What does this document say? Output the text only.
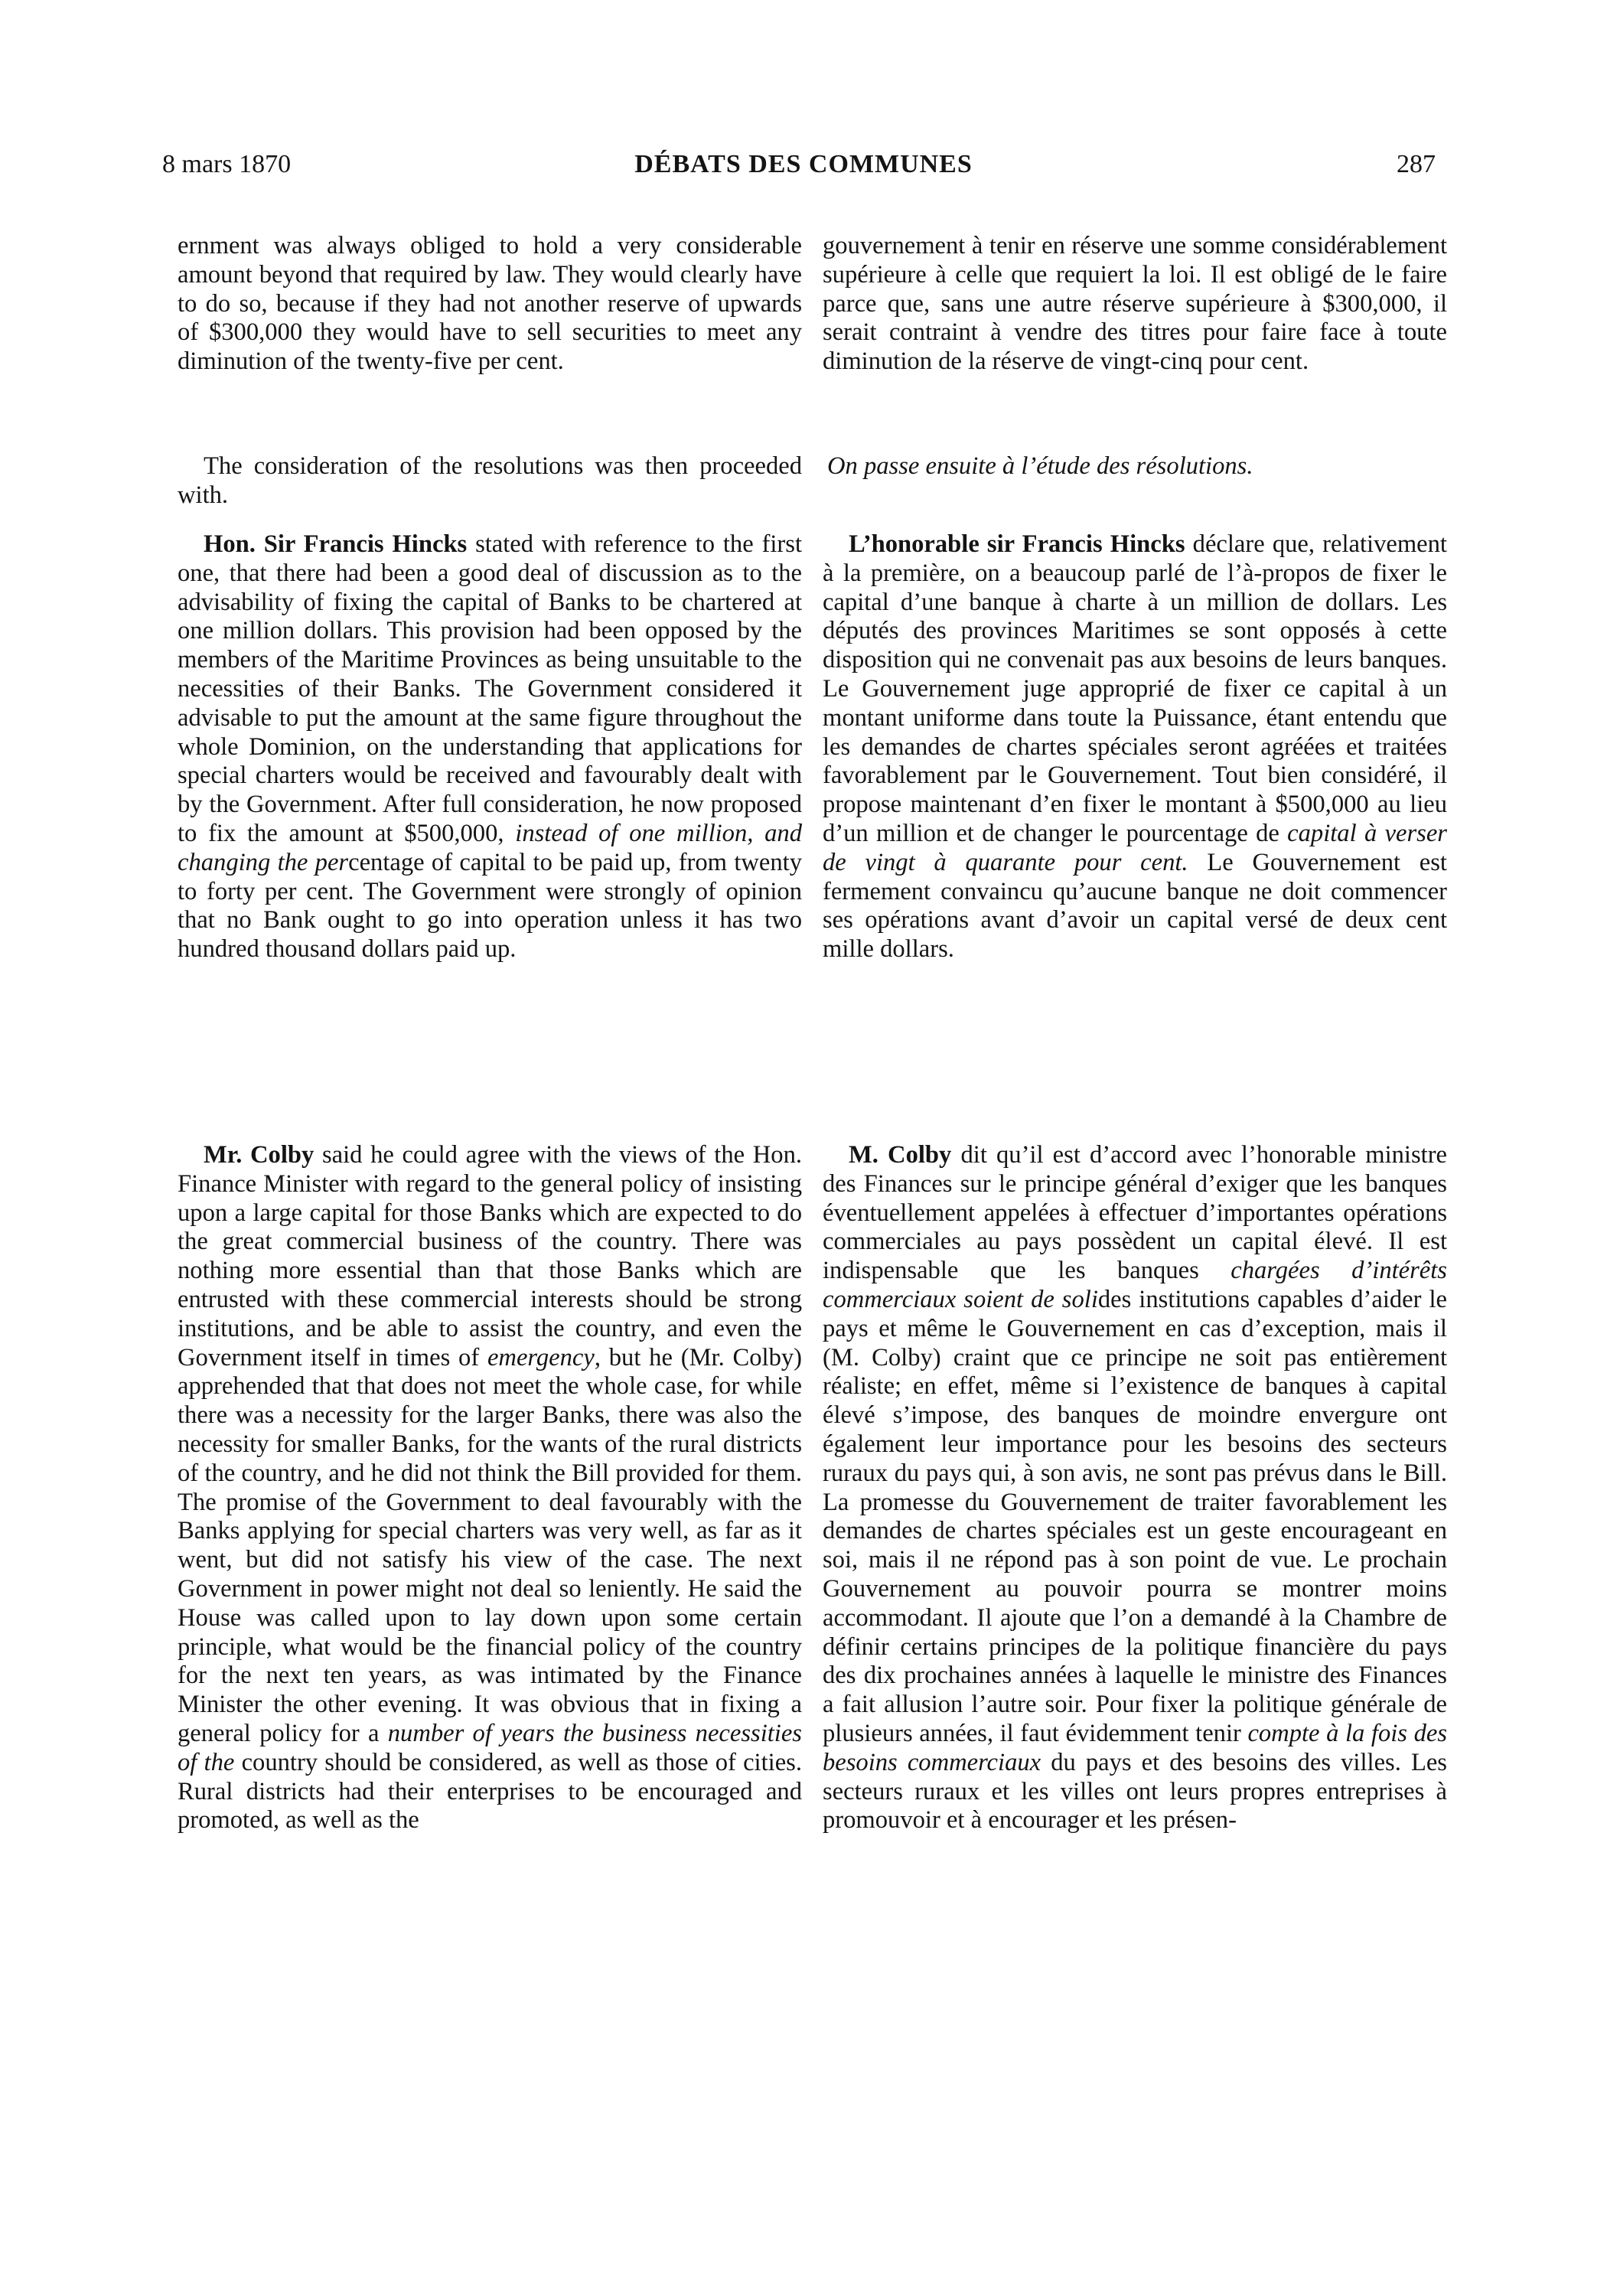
8 mars 1870	DÉBATS DES COMMUNES	287

ernment was always obliged to hold a very considerable amount beyond that required by law. They would clearly have to do so, because if they had not another reserve of upwards of $300,000 they would have to sell securities to meet any diminution of the twenty-five per cent.

The consideration of the resolutions was then proceeded with.

Hon. Sir Francis Hincks stated with reference to the first one, that there had been a good deal of discussion as to the advisability of fixing the capital of Banks to be chartered at one million dollars. This provision had been opposed by the members of the Maritime Provinces as being unsuitable to the necessities of their Banks. The Government considered it advisable to put the amount at the same figure throughout the whole Dominion, on the understanding that applications for special charters would be received and favourably dealt with by the Government. After full consideration, he now proposed to fix the amount at $500,000, instead of one million, and changing the percentage of capital to be paid up, from twenty to forty per cent. The Government were strongly of opinion that no Bank ought to go into operation unless it has two hundred thousand dollars paid up.

Mr. Colby said he could agree with the views of the Hon. Finance Minister with regard to the general policy of insisting upon a large capital for those Banks which are expected to do the great commercial business of the country. There was nothing more essential than that those Banks which are entrusted with these commercial interests should be strong institutions, and be able to assist the country, and even the Government itself in times of emergency, but he (Mr. Colby) apprehended that that does not meet the whole case, for while there was a necessity for the larger Banks, there was also the necessity for smaller Banks, for the wants of the rural districts of the country, and he did not think the Bill provided for them. The promise of the Government to deal favourably with the Banks applying for special charters was very well, as far as it went, but did not satisfy his view of the case. The next Government in power might not deal so leniently. He said the House was called upon to lay down upon some certain principle, what would be the financial policy of the country for the next ten years, as was intimated by the Finance Minister the other evening. It was obvious that in fixing a general policy for a number of years the business necessities of the country should be considered, as well as those of cities. Rural districts had their enterprises to be encouraged and promoted, as well as the

gouvernement à tenir en réserve une somme considérablement supérieure à celle que requiert la loi. Il est obligé de le faire parce que, sans une autre réserve supérieure à $300,000, il serait contraint à vendre des titres pour faire face à toute diminution de la réserve de vingt-cinq pour cent.

On passe ensuite à l’étude des résolutions.

L’honorable sir Francis Hincks déclare que, relativement à la première, on a beaucoup parlé de l’à-propos de fixer le capital d’une banque à charte à un million de dollars. Les députés des provinces Maritimes se sont opposés à cette disposition qui ne convenait pas aux besoins de leurs banques. Le Gouvernement juge approprié de fixer ce capital à un montant uniforme dans toute la Puissance, étant entendu que les demandes de chartes spéciales seront agréées et traitées favorablement par le Gouvernement. Tout bien considéré, il propose maintenant d’en fixer le montant à $500,000 au lieu d’un million et de changer le pourcentage de capital à verser de vingt à quarante pour cent. Le Gouvernement est fermement convaincu qu’aucune banque ne doit commencer ses opérations avant d’avoir un capital versé de deux cent mille dollars.

M. Colby dit qu’il est d’accord avec l’honorable ministre des Finances sur le principe général d’exiger que les banques éventuellement appelées à effectuer d’importantes opérations commerciales au pays possèdent un capital élevé. Il est indispensable que les banques chargées d’intérêts commerciaux soient de solides institutions capables d’aider le pays et même le Gouvernement en cas d’exception, mais il (M. Colby) craint que ce principe ne soit pas entièrement réaliste; en effet, même si l’existence de banques à capital élevé s’impose, des banques de moindre envergure ont également leur importance pour les besoins des secteurs ruraux du pays qui, à son avis, ne sont pas prévus dans le Bill. La promesse du Gouvernement de traiter favorablement les demandes de chartes spéciales est un geste encourageant en soi, mais il ne répond pas à son point de vue. Le prochain Gouvernement au pouvoir pourra se montrer moins accommodant. Il ajoute que l’on a demandé à la Chambre de définir certains principes de la politique financière du pays des dix prochaines années à laquelle le ministre des Finances a fait allusion l’autre soir. Pour fixer la politique générale de plusieurs années, il faut évidemment tenir compte à la fois des besoins commerciaux du pays et des besoins des villes. Les secteurs ruraux et les villes ont leurs propres entreprises à promouvoir et à encourager et les présen-
